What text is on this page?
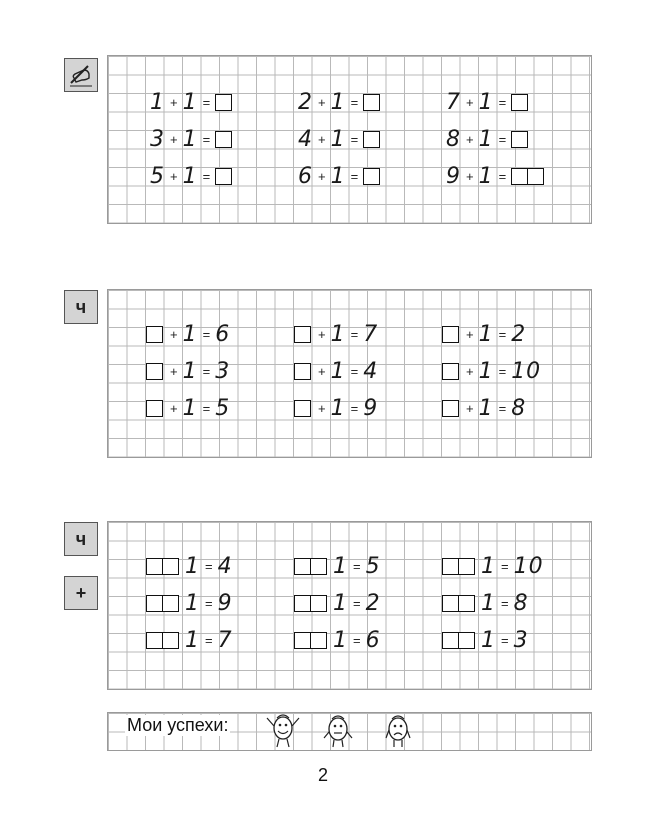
ч
ч
+
Мои успехи:
2
1 + 1 =	2 + 1 =	7 + 1 =
3 + 1 =	4 + 1 =	8 + 1 =
5 + 1 =	6 + 1 =	9 + 1 =
+ 1 = 6	+ 1 = 7	+ 1 = 2
+ 1 = 3	+ 1 = 4	+ 1 = 10
+ 1 = 5	+ 1 = 9	+ 1 = 8
1 = 4	1 = 5	1 = 10
1 = 9	1 = 2	1 = 8
1 = 7	1 = 6	1 = 3
